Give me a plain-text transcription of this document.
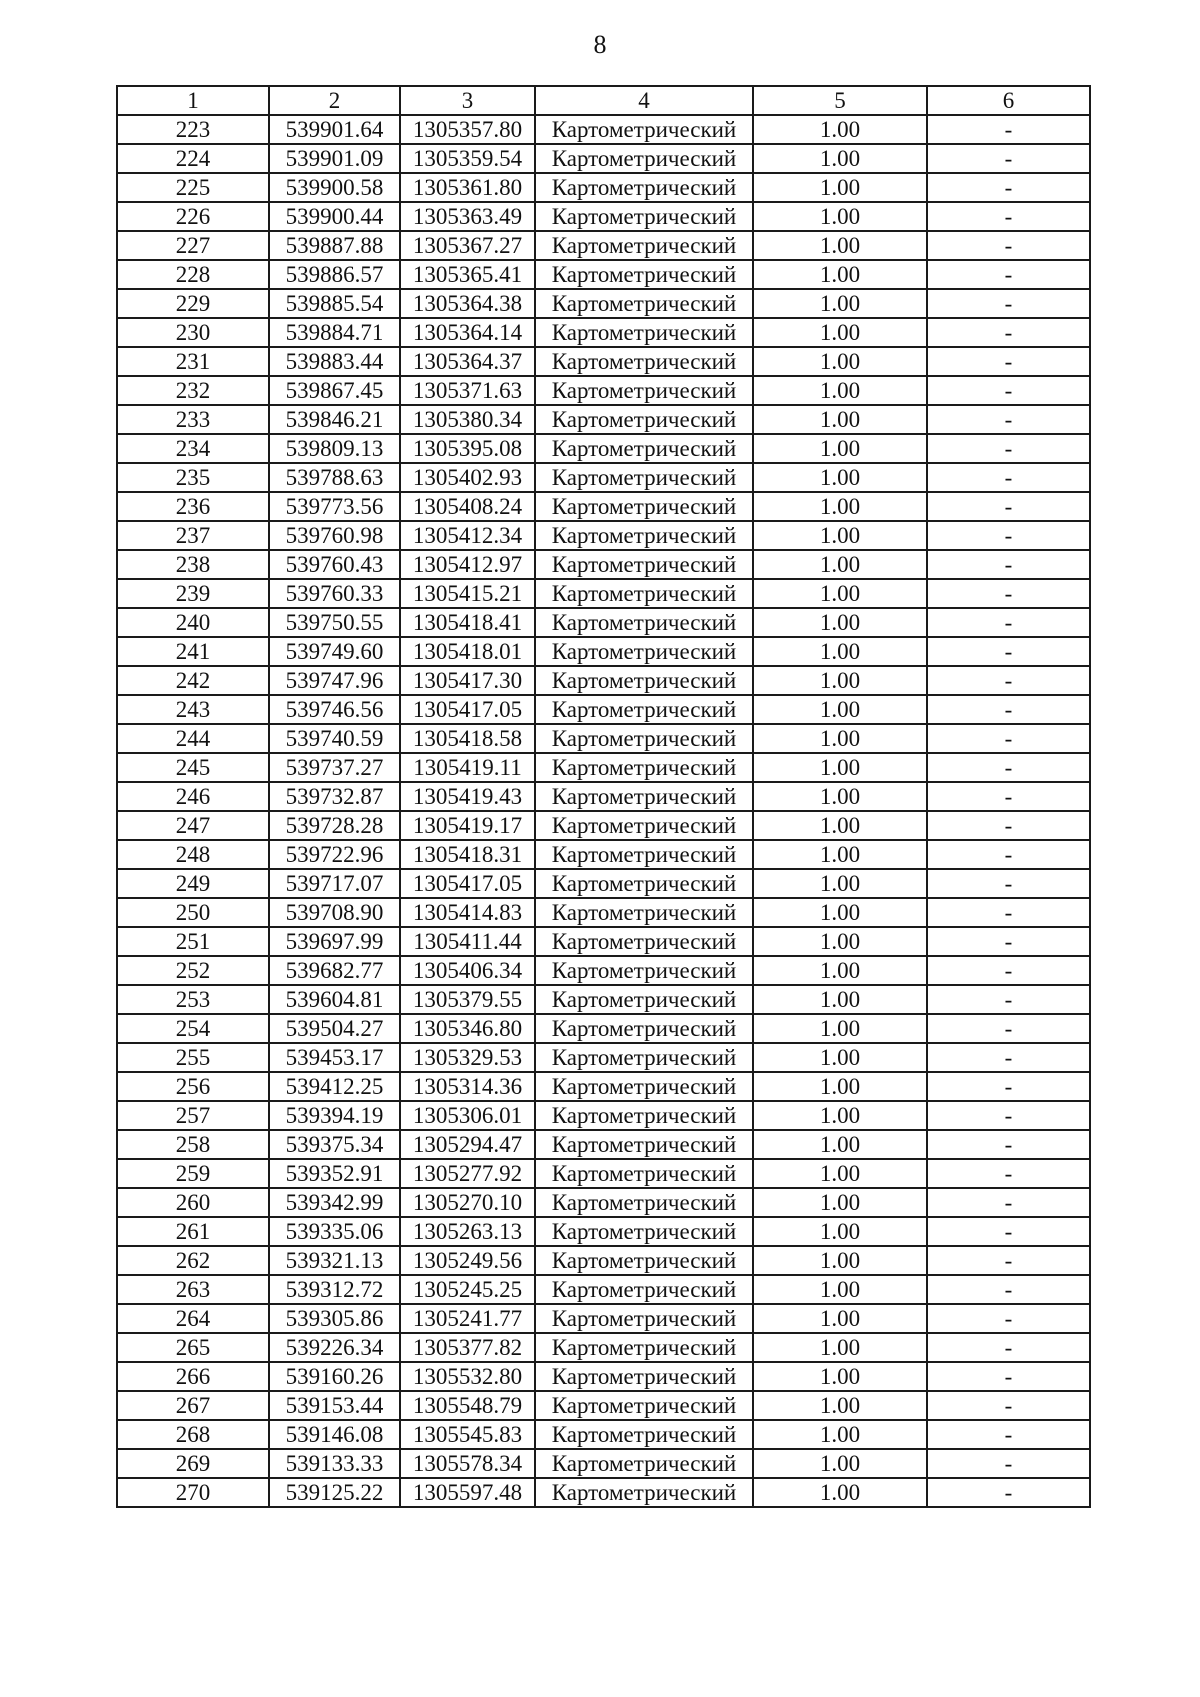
8
1	2	3	4	5	6
223	539901.64	1305357.80	Картометрический	1.00	-
224	539901.09	1305359.54	Картометрический	1.00	-
225	539900.58	1305361.80	Картометрический	1.00	-
226	539900.44	1305363.49	Картометрический	1.00	-
227	539887.88	1305367.27	Картометрический	1.00	-
228	539886.57	1305365.41	Картометрический	1.00	-
229	539885.54	1305364.38	Картометрический	1.00	-
230	539884.71	1305364.14	Картометрический	1.00	-
231	539883.44	1305364.37	Картометрический	1.00	-
232	539867.45	1305371.63	Картометрический	1.00	-
233	539846.21	1305380.34	Картометрический	1.00	-
234	539809.13	1305395.08	Картометрический	1.00	-
235	539788.63	1305402.93	Картометрический	1.00	-
236	539773.56	1305408.24	Картометрический	1.00	-
237	539760.98	1305412.34	Картометрический	1.00	-
238	539760.43	1305412.97	Картометрический	1.00	-
239	539760.33	1305415.21	Картометрический	1.00	-
240	539750.55	1305418.41	Картометрический	1.00	-
241	539749.60	1305418.01	Картометрический	1.00	-
242	539747.96	1305417.30	Картометрический	1.00	-
243	539746.56	1305417.05	Картометрический	1.00	-
244	539740.59	1305418.58	Картометрический	1.00	-
245	539737.27	1305419.11	Картометрический	1.00	-
246	539732.87	1305419.43	Картометрический	1.00	-
247	539728.28	1305419.17	Картометрический	1.00	-
248	539722.96	1305418.31	Картометрический	1.00	-
249	539717.07	1305417.05	Картометрический	1.00	-
250	539708.90	1305414.83	Картометрический	1.00	-
251	539697.99	1305411.44	Картометрический	1.00	-
252	539682.77	1305406.34	Картометрический	1.00	-
253	539604.81	1305379.55	Картометрический	1.00	-
254	539504.27	1305346.80	Картометрический	1.00	-
255	539453.17	1305329.53	Картометрический	1.00	-
256	539412.25	1305314.36	Картометрический	1.00	-
257	539394.19	1305306.01	Картометрический	1.00	-
258	539375.34	1305294.47	Картометрический	1.00	-
259	539352.91	1305277.92	Картометрический	1.00	-
260	539342.99	1305270.10	Картометрический	1.00	-
261	539335.06	1305263.13	Картометрический	1.00	-
262	539321.13	1305249.56	Картометрический	1.00	-
263	539312.72	1305245.25	Картометрический	1.00	-
264	539305.86	1305241.77	Картометрический	1.00	-
265	539226.34	1305377.82	Картометрический	1.00	-
266	539160.26	1305532.80	Картометрический	1.00	-
267	539153.44	1305548.79	Картометрический	1.00	-
268	539146.08	1305545.83	Картометрический	1.00	-
269	539133.33	1305578.34	Картометрический	1.00	-
270	539125.22	1305597.48	Картометрический	1.00	-
